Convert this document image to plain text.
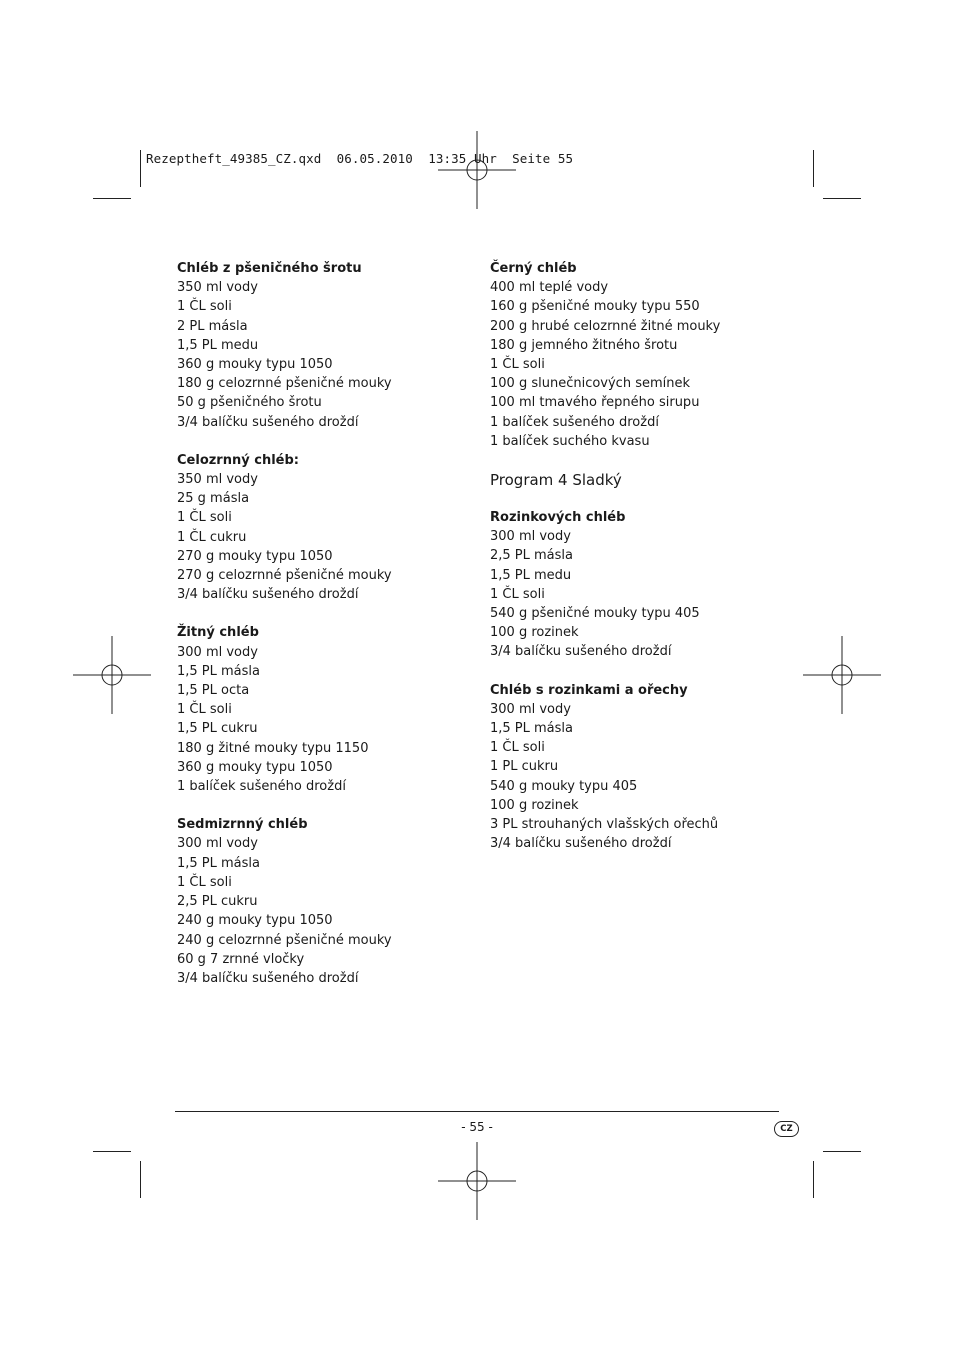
Rezeptheft_49385_CZ.qxd 06.05.2010 13:35 Uhr Seite 55
Chléb z pšeničného šrotu
350 ml vody
1 ČL soli
2 PL másla
1,5 PL medu
360 g mouky typu 1050
180 g celozrnné pšeničné mouky
50 g pšeničného šrotu
3/4 balíčku sušeného droždí
Celozrnný chléb:
350 ml vody
25 g másla
1 ČL soli
1 ČL cukru
270 g mouky typu 1050
270 g celozrnné pšeničné mouky
3/4 balíčku sušeného droždí
Žitný chléb
300 ml vody
1,5 PL másla
1,5 PL octa
1 ČL soli
1,5 PL cukru
180 g žitné mouky typu 1150
360 g mouky typu 1050
1 balíček sušeného droždí
Sedmizrnný chléb
300 ml vody
1,5 PL másla
1 ČL soli
2,5 PL cukru
240 g mouky typu 1050
240 g celozrnné pšeničné mouky
60 g 7 zrnné vločky
3/4 balíčku sušeného droždí
Černý chléb
400 ml teplé vody
160 g pšeničné mouky typu 550
200 g hrubé celozrnné žitné mouky
180 g jemného žitného šrotu
1 ČL soli
100 g slunečnicových semínek
100 ml tmavého řepného sirupu
1 balíček sušeného droždí
1 balíček suchého kvasu
Program 4 Sladký
Rozinkových chléb
300 ml vody
2,5 PL másla
1,5 PL medu
1 ČL soli
540 g pšeničné mouky typu 405
100 g rozinek
3/4 balíčku sušeného droždí
Chléb s rozinkami a ořechy
300 ml vody
1,5 PL másla
1 ČL soli
1 PL cukru
540 g mouky typu 405
100 g rozinek
3 PL strouhaných vlašských ořechů
3/4 balíčku sušeného droždí
- 55 -	CZ
